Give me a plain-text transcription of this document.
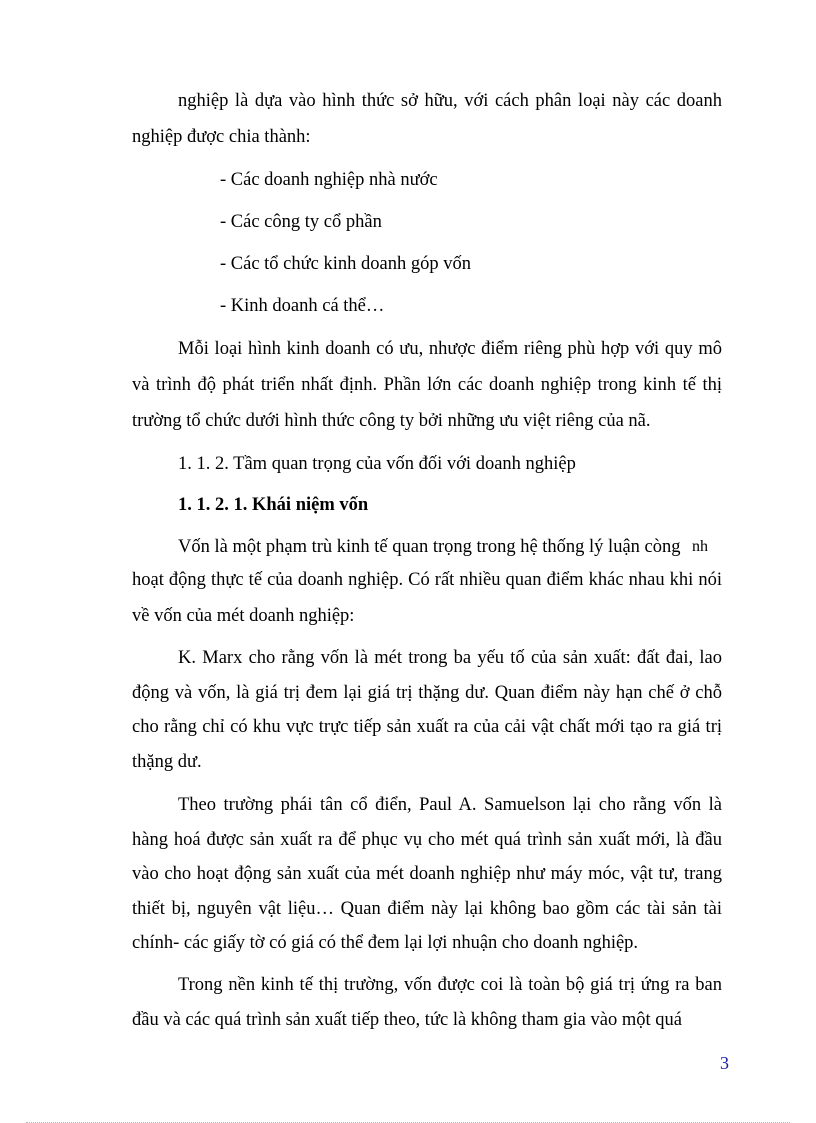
nghiệp là dựa vào hình thức sở hữu, với cách phân loại này các doanh
nghiệp được chia thành:
- Các doanh nghiệp nhà nước
- Các công ty cổ phần
- Các tổ chức kinh doanh góp vốn
- Kinh doanh cá thể…
Mỗi loại hình kinh doanh có ưu, nhược điểm riêng phù hợp với quy mô
và trình độ phát triển nhất định. Phần lớn các doanh nghiệp trong kinh tế thị
trường tổ chức dưới hình thức công ty bởi những ưu việt riêng của nã.
1. 1. 2. Tầm quan trọng của vốn đối với doanh nghiệp
1. 1. 2. 1. Khái niệm vốn
Vốn là một phạm trù kinh tế quan trọng trong hệ thống lý luận còng nh
hoạt động thực tế của doanh nghiệp. Có rất nhiều quan điểm khác nhau khi nói
về vốn của mét doanh nghiệp:
K. Marx cho rằng vốn là mét trong ba yếu tố của sản xuất: đất đai, lao
động và vốn, là giá trị đem lại giá trị thặng dư. Quan điểm này hạn chế ở chỗ
cho rằng chỉ có khu vực trực tiếp sản xuất ra của cải vật chất mới tạo ra giá trị
thặng dư.
Theo trường phái tân cổ điển, Paul A. Samuelson lại cho rằng vốn là
hàng hoá được sản xuất ra để phục vụ cho mét quá trình sản xuất mới, là đầu
vào cho hoạt động sản xuất của mét doanh nghiệp như máy móc, vật tư, trang
thiết bị, nguyên vật liệu… Quan điểm này lại không bao gồm các tài sản tài
chính- các giấy tờ có giá có thể đem lại lợi nhuận cho doanh nghiệp.
Trong nền kinh tế thị trường, vốn được coi là toàn bộ giá trị ứng ra ban
đầu và các quá trình sản xuất tiếp theo, tức là không tham gia vào một quá
3
